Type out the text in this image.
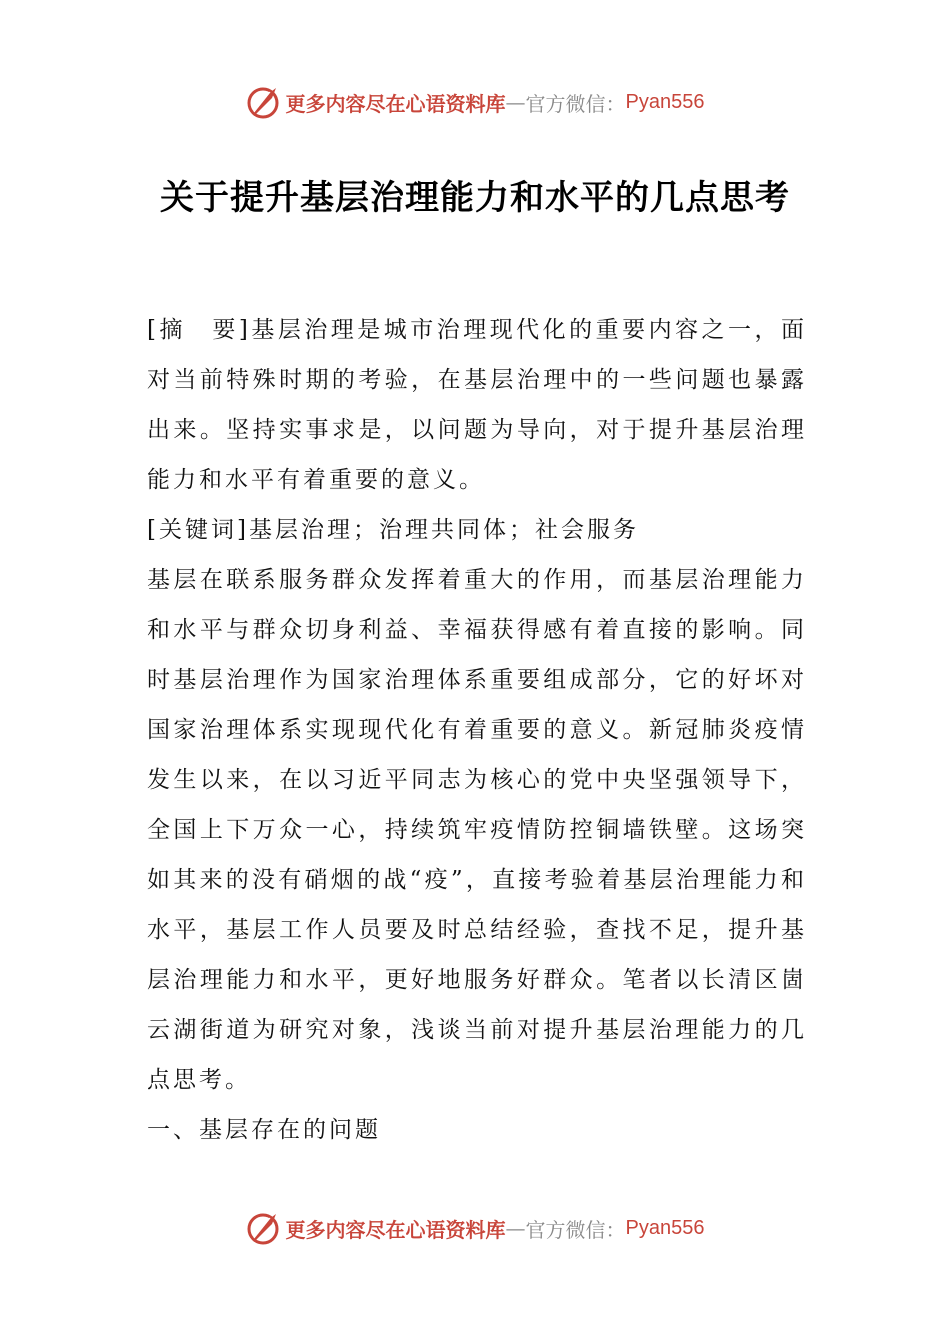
更多内容尽在心语资料库 — 官方微信： Pyan556
关于提升基层治理能力和水平的几点思考

[摘　要]基层治理是城市治理现代化的重要内容之一，面对当前特殊时期的考验，在基层治理中的一些问题也暴露出来。坚持实事求是，以问题为导向，对于提升基层治理能力和水平有着重要的意义。

[关键词]基层治理；治理共同体；社会服务

基层在联系服务群众发挥着重大的作用，而基层治理能力和水平与群众切身利益、幸福获得感有着直接的影响。同时基层治理作为国家治理体系重要组成部分，它的好坏对国家治理体系实现现代化有着重要的意义。新冠肺炎疫情发生以来，在以习近平同志为核心的党中央坚强领导下，全国上下万众一心，持续筑牢疫情防控铜墙铁壁。这场突如其来的没有硝烟的战“疫”，直接考验着基层治理能力和水平，基层工作人员要及时总结经验，查找不足，提升基层治理能力和水平，更好地服务好群众。笔者以长清区崮云湖街道为研究对象，浅谈当前对提升基层治理能力的几点思考。

一、基层存在的问题

更多内容尽在心语资料库 — 官方微信： Pyan556
